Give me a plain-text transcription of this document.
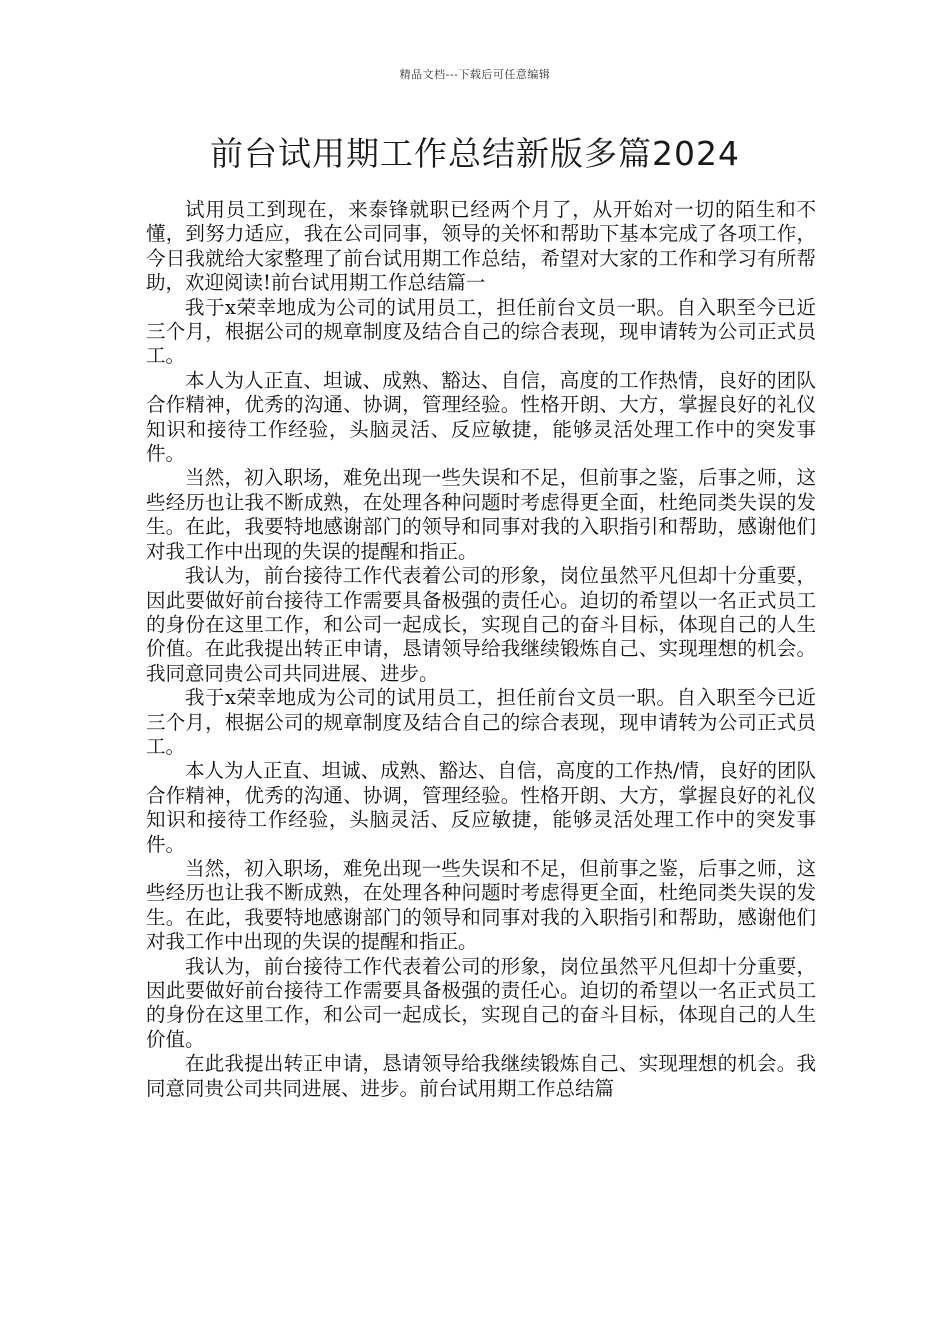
精品文档---下载后可任意编辑
前台试用期工作总结新版多篇2024

试用员工到现在，来泰锋就职已经两个月了，从开始对一切的陌生和不懂，到努力适应，我在公司同事，领导的关怀和帮助下基本完成了各项工作，今日我就给大家整理了前台试用期工作总结，希望对大家的工作和学习有所帮助，欢迎阅读!前台试用期工作总结篇一

我于x荣幸地成为公司的试用员工，担任前台文员一职。自入职至今已近三个月，根据公司的规章制度及结合自己的综合表现，现申请转为公司正式员工。

本人为人正直、坦诚、成熟、豁达、自信，高度的工作热情，良好的团队合作精神，优秀的沟通、协调，管理经验。性格开朗、大方，掌握良好的礼仪知识和接待工作经验，头脑灵活、反应敏捷，能够灵活处理工作中的突发事件。

当然，初入职场，难免出现一些失误和不足，但前事之鉴，后事之师，这些经历也让我不断成熟，在处理各种问题时考虑得更全面，杜绝同类失误的发生。在此，我要特地感谢部门的领导和同事对我的入职指引和帮助，感谢他们对我工作中出现的失误的提醒和指正。

我认为，前台接待工作代表着公司的形象，岗位虽然平凡但却十分重要，因此要做好前台接待工作需要具备极强的责任心。迫切的希望以一名正式员工的身份在这里工作，和公司一起成长，实现自己的奋斗目标，体现自己的人生价值。在此我提出转正申请，恳请领导给我继续锻炼自己、实现理想的机会。我同意同贵公司共同进展、进步。

我于x荣幸地成为公司的试用员工，担任前台文员一职。自入职至今已近三个月，根据公司的规章制度及结合自己的综合表现，现申请转为公司正式员工。

本人为人正直、坦诚、成熟、豁达、自信，高度的工作热/情，良好的团队合作精神，优秀的沟通、协调，管理经验。性格开朗、大方，掌握良好的礼仪知识和接待工作经验，头脑灵活、反应敏捷，能够灵活处理工作中的突发事件。

当然，初入职场，难免出现一些失误和不足，但前事之鉴，后事之师，这些经历也让我不断成熟，在处理各种问题时考虑得更全面，杜绝同类失误的发生。在此，我要特地感谢部门的领导和同事对我的入职指引和帮助，感谢他们对我工作中出现的失误的提醒和指正。

我认为，前台接待工作代表着公司的形象，岗位虽然平凡但却十分重要，因此要做好前台接待工作需要具备极强的责任心。迫切的希望以一名正式员工的身份在这里工作，和公司一起成长，实现自己的奋斗目标，体现自己的人生价值。

在此我提出转正申请，恳请领导给我继续锻炼自己、实现理想的机会。我同意同贵公司共同进展、进步。前台试用期工作总结篇
